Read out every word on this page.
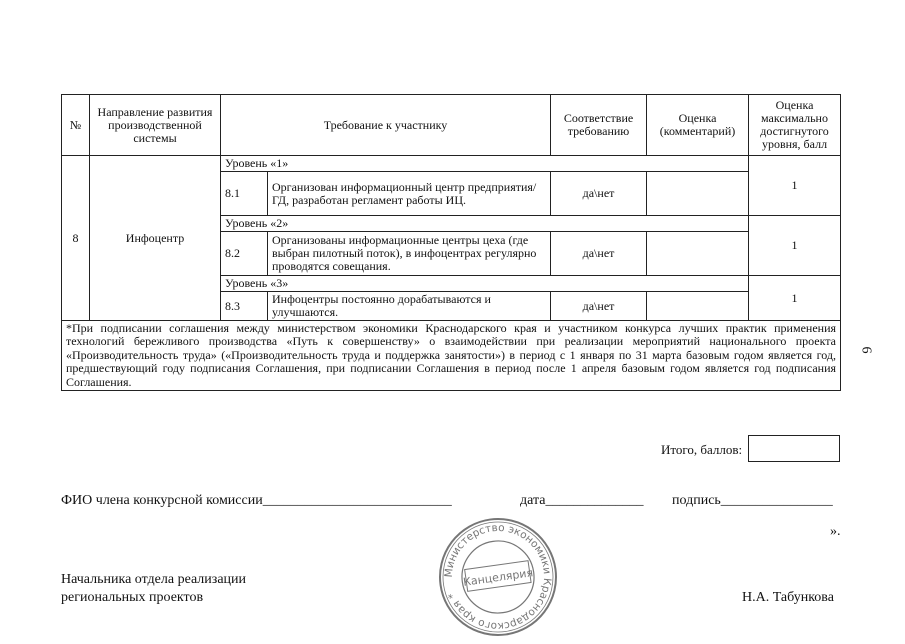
№	Направление развития производственной системы	Требование к участнику		Соответствие требованию	Оценка (комментарий)	Оценка максимально достигнутого уровня, балл
8	Инфоцентр	Уровень «1»				1
		8.1	Организован информационный центр предприятия/ГД, разработан регламент работы ИЦ.	да\нет		
		Уровень «2»				1
		8.2	Организованы информационные центры цеха (где выбран пилотный поток), в инфоцентрах регулярно проводятся совещания.	да\нет		
		Уровень «3»				1
		8.3	Инфоцентры постоянно дорабатываются и улучшаются.	да\нет		
*При подписании соглашения между министерством экономики Краснодарского края и участником конкурса лучших практик применения технологий бережливого производства «Путь к совершенству» о взаимодействии при реализации мероприятий национального проекта «Производительность труда» («Производительность труда и поддержка занятости») в период с 1 января по 31 марта базовым годом является год, предшествующий году подписания Соглашения, при подписании Соглашения в период после 1 апреля базовым годом является год подписания Соглашения.						
Итого, баллов:
ФИО члена конкурсной комиссии___________________________	дата______________ подпись________________
».
Начальника отдела реализации
региональных проектов	Н.А. Табункова
Министерство экономики Краснодарского края *
Канцелярия
6
